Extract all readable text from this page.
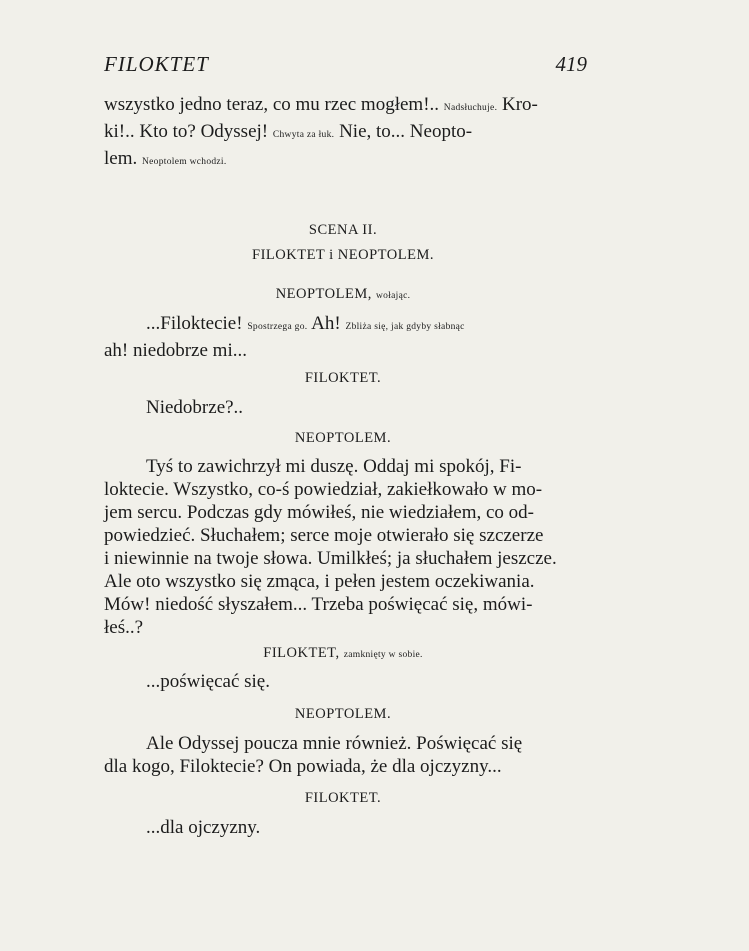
FILOKTET	419
wszystko jedno teraz, co mu rzec mogłem!.. Nadsłuchuje. Kro-
ki!.. Kto to? Odyssej! Chwyta za łuk. Nie, to... Neopto-
lem. Neoptolem wchodzi.
SCENA II.
FILOKTET i NEOPTOLEM.
NEOPTOLEM, wołając.
...Filoktecie! Spostrzega go. Ah! Zbliża się, jak gdyby słabnąc
ah! niedobrze mi...
FILOKTET.
Niedobrze?..
NEOPTOLEM.
Tyś to zawichrzył mi duszę. Oddaj mi spokój, Fi-
loktecie. Wszystko, co-ś powiedział, zakiełkowało w mo-
jem sercu. Podczas gdy mówiłeś, nie wiedziałem, co od-
powiedzieć. Słuchałem; serce moje otwierało się szczerze
i niewinnie na twoje słowa. Umilkłeś; ja słuchałem jeszcze.
Ale oto wszystko się zmąca, i pełen jestem oczekiwania.
Mów! niedość słyszałem... Trzeba poświęcać się, mówi-
łeś..?
FILOKTET, zamknięty w sobie.
...poświęcać się.
NEOPTOLEM.
Ale Odyssej poucza mnie również. Poświęcać się
dla kogo, Filoktecie? On powiada, że dla ojczyzny...
FILOKTET.
...dla ojczyzny.
